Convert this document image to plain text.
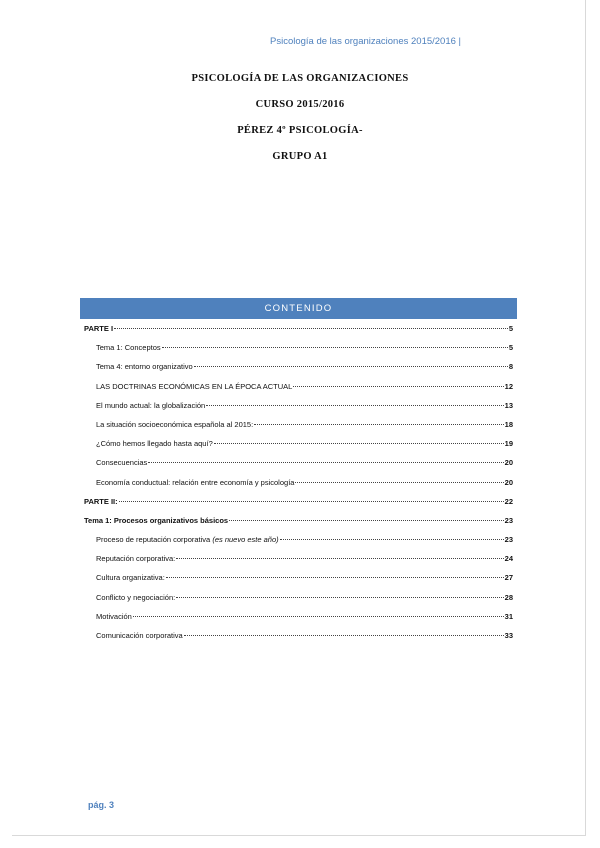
Psicología de las organizaciones 2015/2016 |
PSICOLOGÍA DE LAS ORGANIZACIONES
CURSO 2015/2016
PÉREZ 4º PSICOLOGÍA-
GRUPO A1
CONTENIDO
PARTE I	5
Tema 1: Conceptos	5
Tema 4: entorno organizativo	8
LAS DOCTRINAS ECONÓMICAS EN LA ÉPOCA ACTUAL	12
El mundo actual: la globalización	13
La situación socioeconómica española al 2015:	18
¿Cómo hemos llegado hasta aquí?	19
Consecuencias	20
Economía conductual: relación entre economía y psicología	20
PARTE II:	22
Tema 1: Procesos organizativos básicos	23
Proceso de reputación corporativa (es nuevo este año)	23
Reputación corporativa:	24
Cultura organizativa:	27
Conflicto y negociación:	28
Motivación	31
Comunicación corporativa	33
pág. 3
